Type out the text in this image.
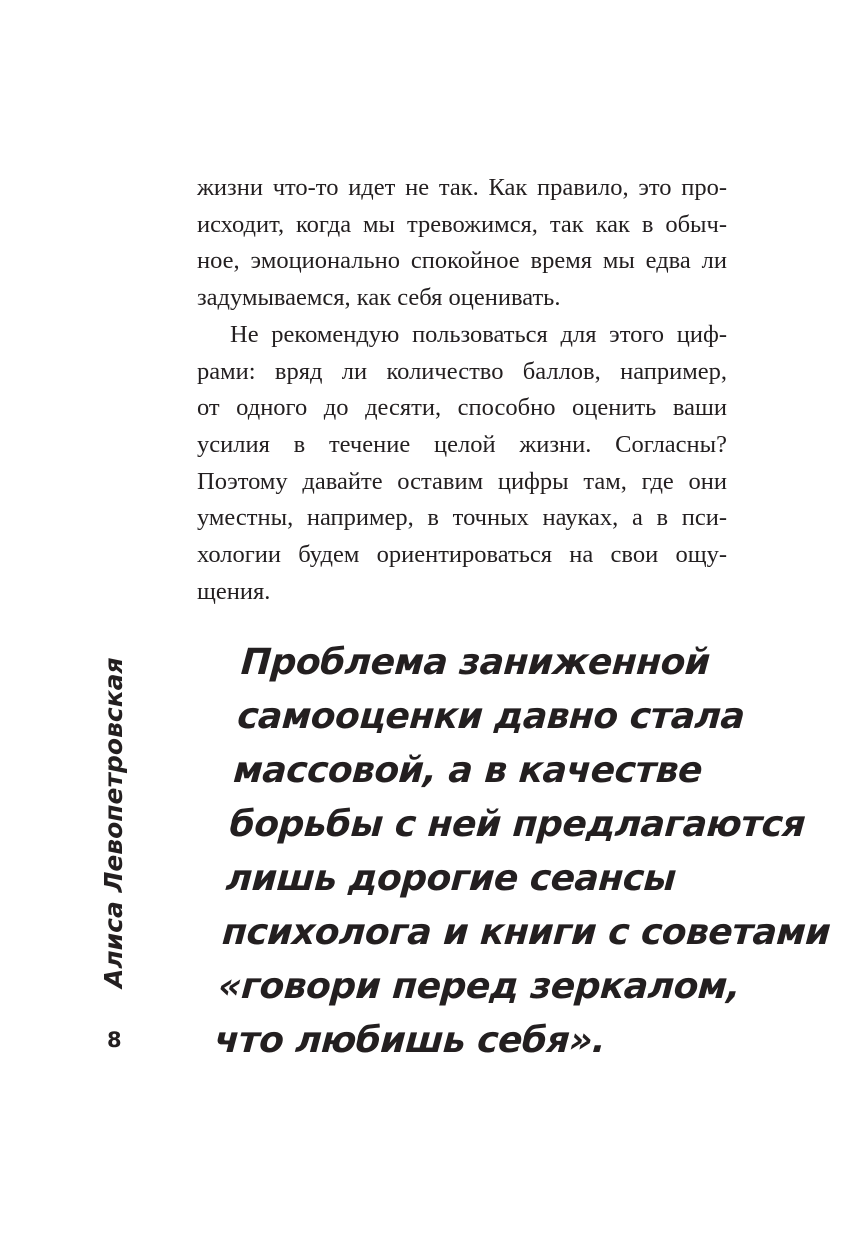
жизни что-то идет не так. Как правило, это про-
исходит, когда мы тревожимся, так как в обыч-
ное, эмоционально спокойное время мы едва ли
задумываемся, как себя оценивать.
Не рекомендую пользоваться для этого циф-
рами: вряд ли количество баллов, например,
от одного до десяти, способно оценить ваши
усилия в течение целой жизни. Согласны?
Поэтому давайте оставим цифры там, где они
уместны, например, в точных науках, а в пси-
хологии будем ориентироваться на свои ощу-
щения.
Проблема заниженной
самооценки давно стала
массовой, а в качестве
борьбы с ней предлагаются
лишь дорогие сеансы
психолога и книги с советами
«говори перед зеркалом,
что любишь себя».
Алиса Левопетровская
8
